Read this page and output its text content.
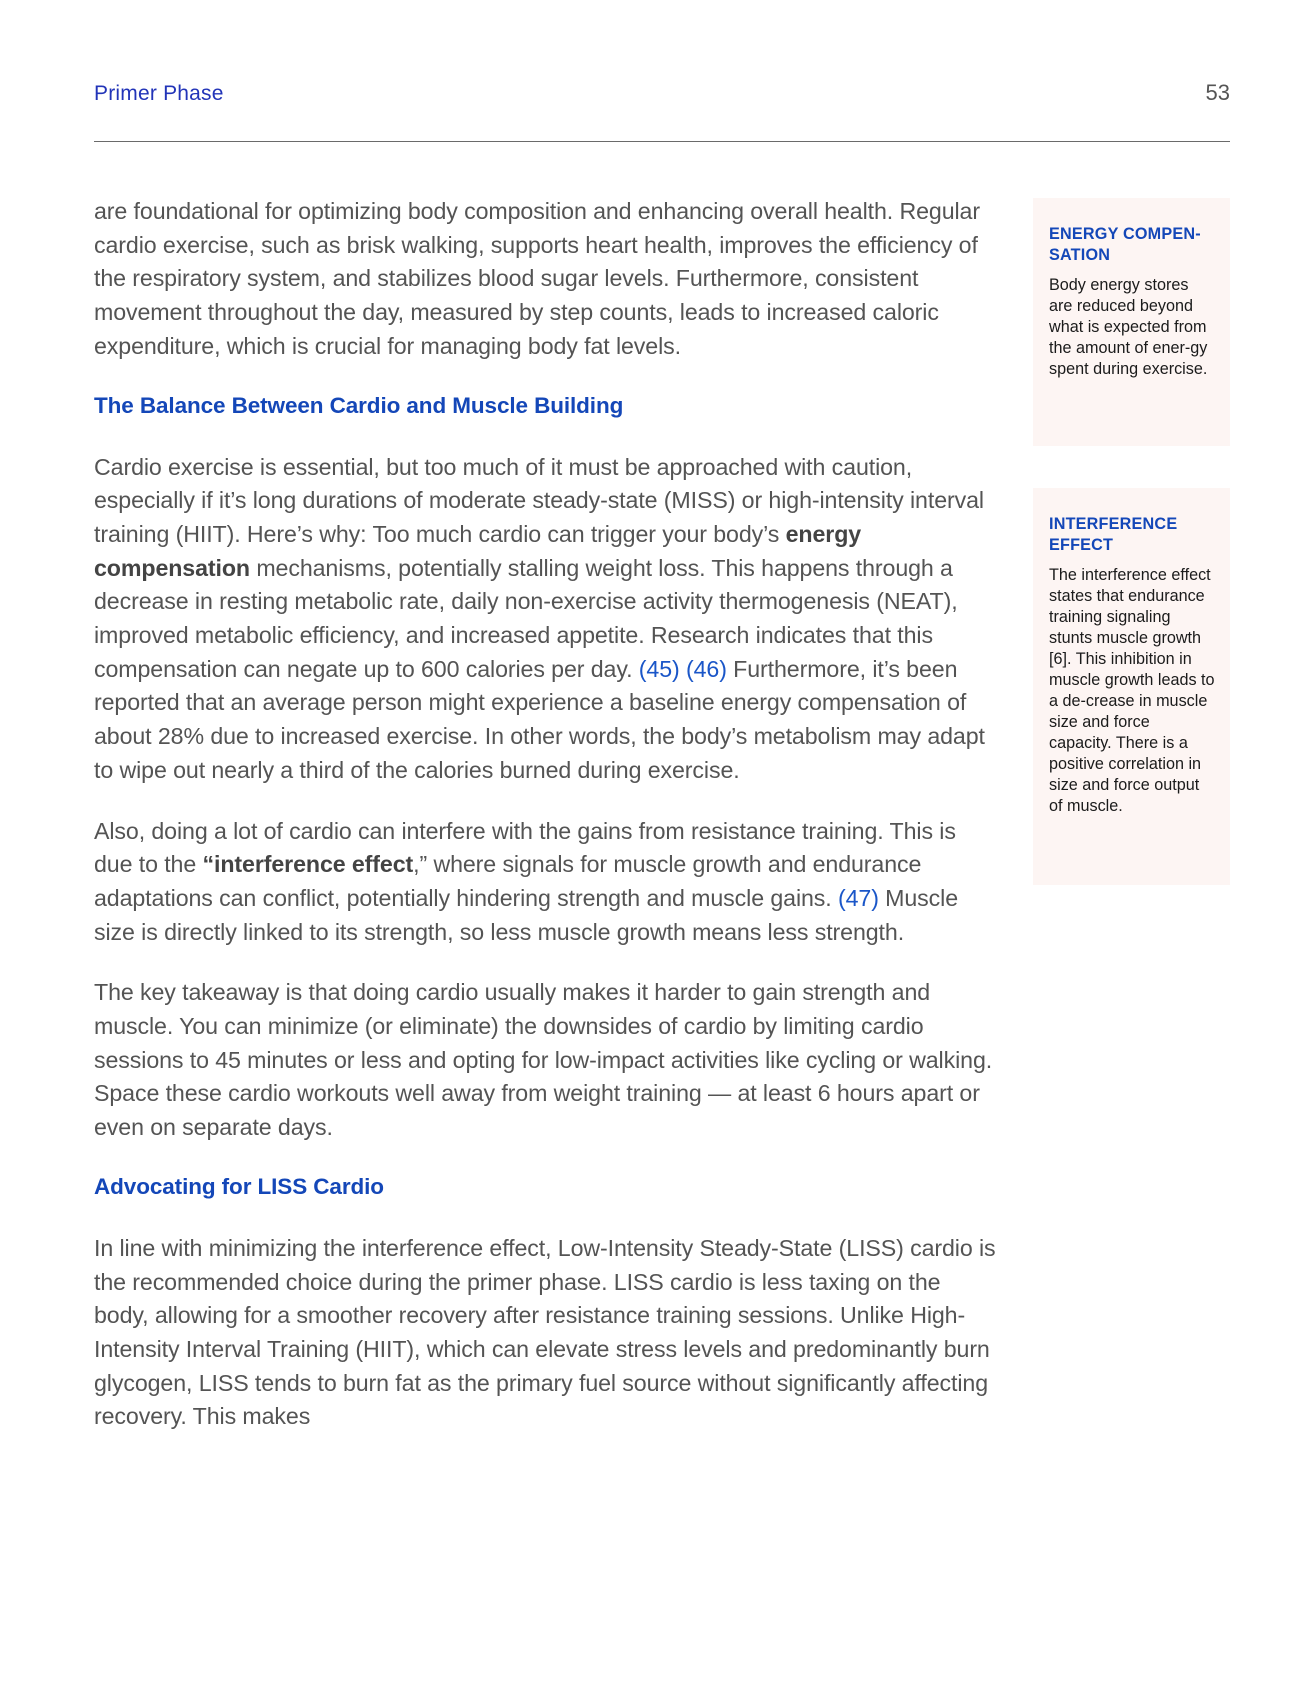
Primer Phase	53

are foundational for optimizing body composition and enhancing overall health. Regular cardio exercise, such as brisk walking, supports heart health, improves the efficiency of the respiratory system, and stabilizes blood sugar levels. Furthermore, consistent movement throughout the day, measured by step counts, leads to increased caloric expenditure, which is crucial for managing body fat levels.

The Balance Between Cardio and Muscle Building

Cardio exercise is essential, but too much of it must be approached with caution, especially if it’s long durations of moderate steady-state (MISS) or high-intensity interval training (HIIT). Here’s why: Too much cardio can trigger your body’s energy compensation mechanisms, potentially stalling weight loss. This happens through a decrease in resting metabolic rate, daily non-exercise activity thermogenesis (NEAT), improved metabolic efficiency, and increased appetite. Research indicates that this compensation can negate up to 600 calories per day. (45) (46) Furthermore, it’s been reported that an average person might experience a baseline energy compensation of about 28% due to increased exercise. In other words, the body’s metabolism may adapt to wipe out nearly a third of the calories burned during exercise.

Also, doing a lot of cardio can interfere with the gains from resistance training. This is due to the “interference effect,” where signals for muscle growth and endurance adaptations can conflict, potentially hindering strength and muscle gains. (47) Muscle size is directly linked to its strength, so less muscle growth means less strength.

The key takeaway is that doing cardio usually makes it harder to gain strength and muscle. You can minimize (or eliminate) the downsides of cardio by limiting cardio sessions to 45 minutes or less and opting for low-impact activities like cycling or walking. Space these cardio workouts well away from weight training — at least 6 hours apart or even on separate days.

Advocating for LISS Cardio

In line with minimizing the interference effect, Low-Intensity Steady-State (LISS) cardio is the recommended choice during the primer phase. LISS cardio is less taxing on the body, allowing for a smoother recovery after resistance training sessions. Unlike High-Intensity Interval Training (HIIT), which can elevate stress levels and predominantly burn glycogen, LISS tends to burn fat as the primary fuel source without significantly affecting recovery. This makes

ENERGY COMPEN-SATION

Body energy stores are reduced beyond what is expected from the amount of ener-gy spent during exercise.

INTERFERENCE EFFECT

The interference effect states that endurance training signaling stunts muscle growth [6]. This inhibition in muscle growth leads to a de-crease in muscle size and force capacity. There is a positive correlation in size and force output of muscle.
